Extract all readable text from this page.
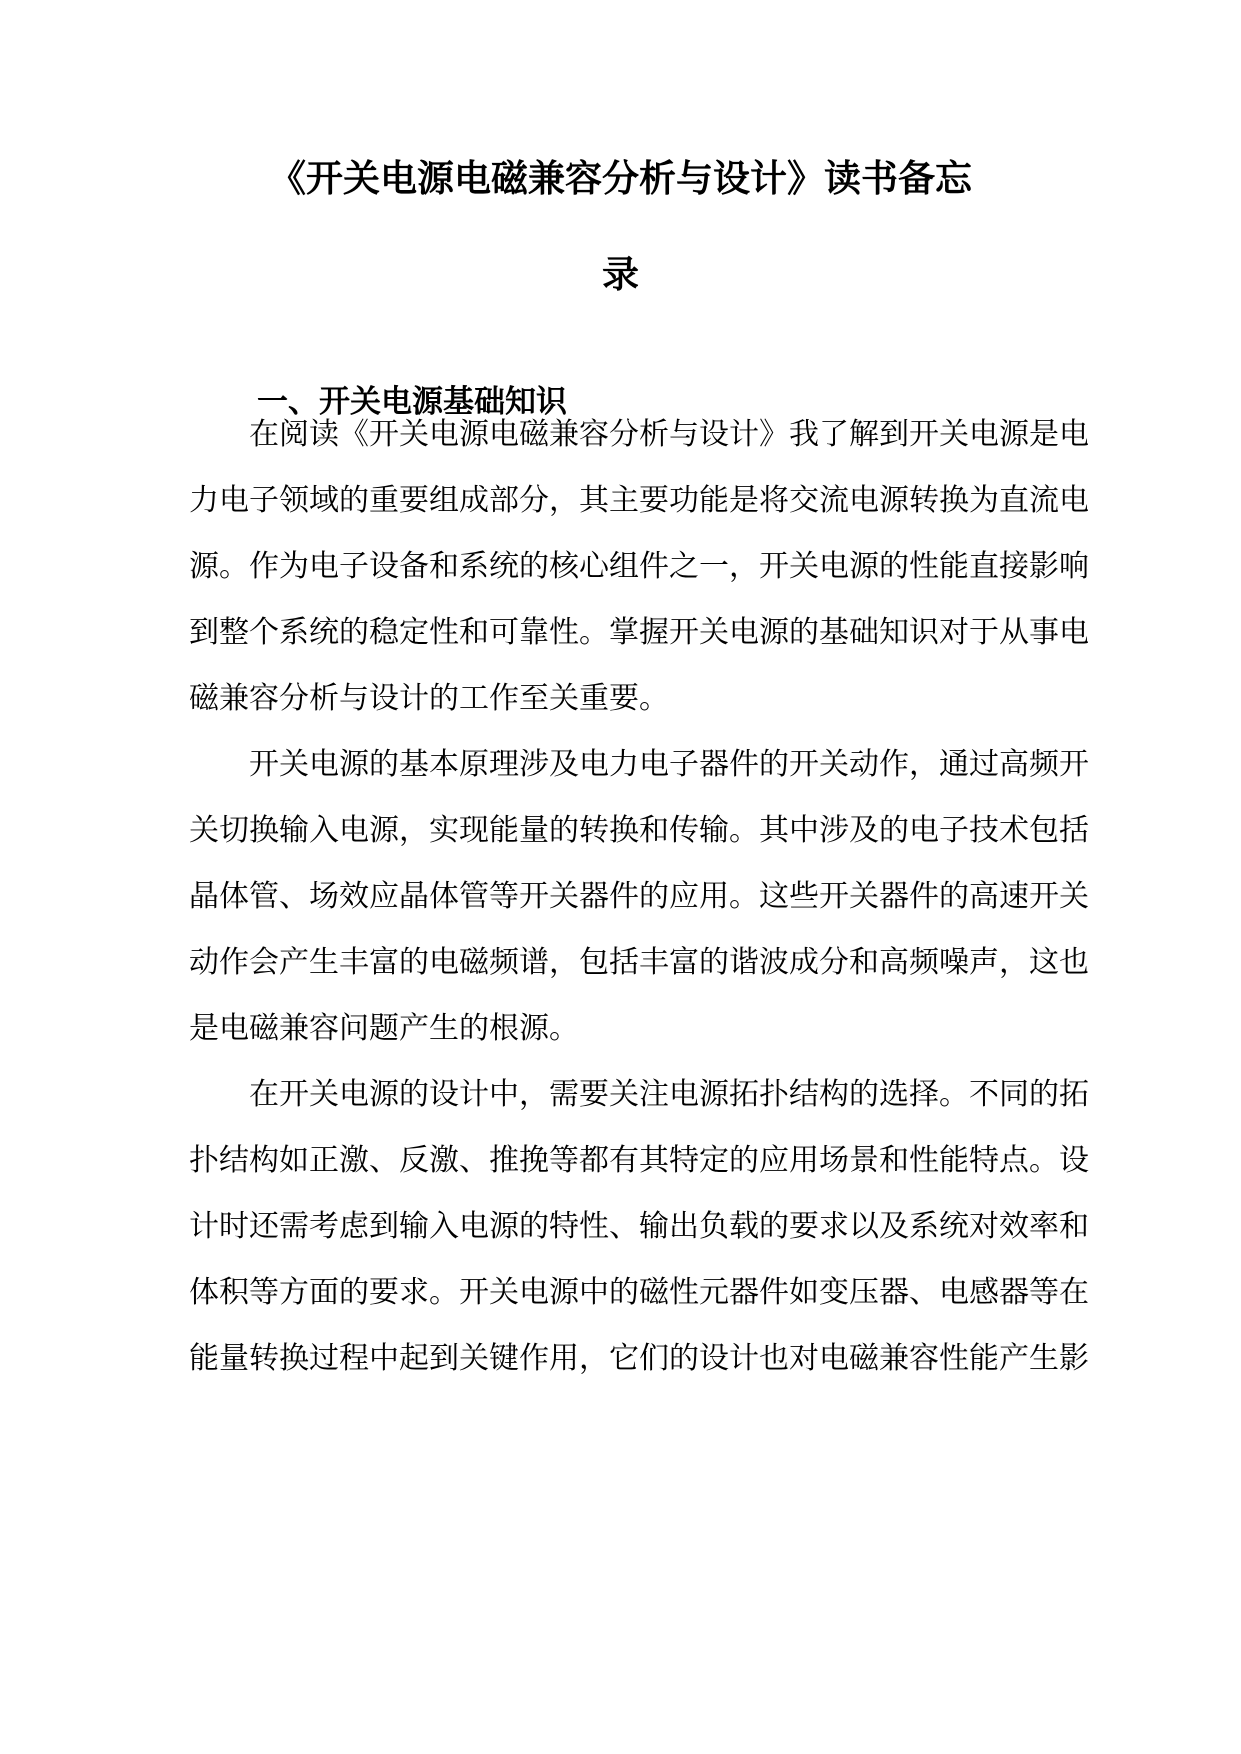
《开关电源电磁兼容分析与设计》读书备忘
录
一、开关电源基础知识
在阅读《开关电源电磁兼容分析与设计》我了解到开关电源是电
力电子领域的重要组成部分，其主要功能是将交流电源转换为直流电
源。作为电子设备和系统的核心组件之一，开关电源的性能直接影响
到整个系统的稳定性和可靠性。掌握开关电源的基础知识对于从事电
磁兼容分析与设计的工作至关重要。
开关电源的基本原理涉及电力电子器件的开关动作，通过高频开
关切换输入电源，实现能量的转换和传输。其中涉及的电子技术包括
晶体管、场效应晶体管等开关器件的应用。这些开关器件的高速开关
动作会产生丰富的电磁频谱，包括丰富的谐波成分和高频噪声，这也
是电磁兼容问题产生的根源。
在开关电源的设计中，需要关注电源拓扑结构的选择。不同的拓
扑结构如正激、反激、推挽等都有其特定的应用场景和性能特点。设
计时还需考虑到输入电源的特性、输出负载的要求以及系统对效率和
体积等方面的要求。开关电源中的磁性元器件如变压器、电感器等在
能量转换过程中起到关键作用，它们的设计也对电磁兼容性能产生影
